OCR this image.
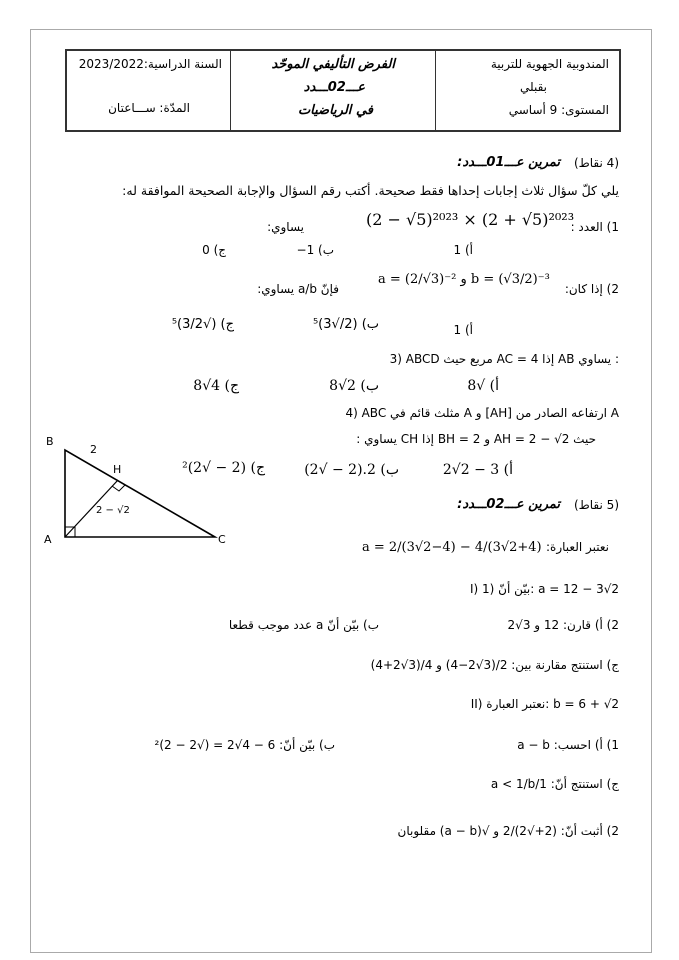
السنة الدراسية:2023/2022
المدّة: ســـاعتان
الفرض التأليفي الموحّد
عـــ02ـــدد
في الرياضيات
المندوبية الجهوية للتربية
بقبلي
المستوى: 9 أساسي
تمرين عـــ01ـــدد: (4 نقاط)
يلي كلّ سؤال ثلاث إجابات إحداها فقط صحيحة. أكتب رقم السؤال والإجابة الصحيحة الموافقة له:
1) العدد :
(2 − √5)²⁰²³ × (2 + √5)²⁰²³
يساوي:
أ) 1
ب) 1−
ج) 0
2) إذا كان:
a = (2/√3)⁻² و b = (√3/2)⁻³
فإنّ a/b يساوي:
أ) 1
ب) (2/√3)⁵
ج) (√3/2)⁵
3) ABCD مربع حيث AC = 4 إذا AB يساوي :
أ) √8
ب) 2√8
ج) 4√8
4) ABC مثلث قائم في A و [AH] ارتفاعه الصادر من A
حيث AH = 2 − √2 و BH = 2 إذا CH يساوي :
أ) 3 − 2√2
ب) 2.(2 − √2)
ج) (2 − √2)²
B
A	C
H
2
2 − √2	تمرين عـــ02ـــدد: (5 نقاط)
نعتبر العبارة:
a = 2/(3√2−4) − 4/(3√2+4)
I) 1) بيّن أنّ: a = 12 − 3√2
2) أ) قارن: 12 و 3√2
ب) بيّن أنّ a عدد موجب قطعا
ج) استنتج مقارنة بين: 2/(3√2−4) و 4/(3√2+4)
II) نعتبر العبارة: b = 6 + √2
1) أ) احسب: a − b
ب) بيّن أنّ: 6 − 4√2 = (√2 − 2)²
ج) استنتج أنّ: 1/a < 1/b
2) أثبت أنّ: (2+√2)/2 و √(a − b) مقلوبان
